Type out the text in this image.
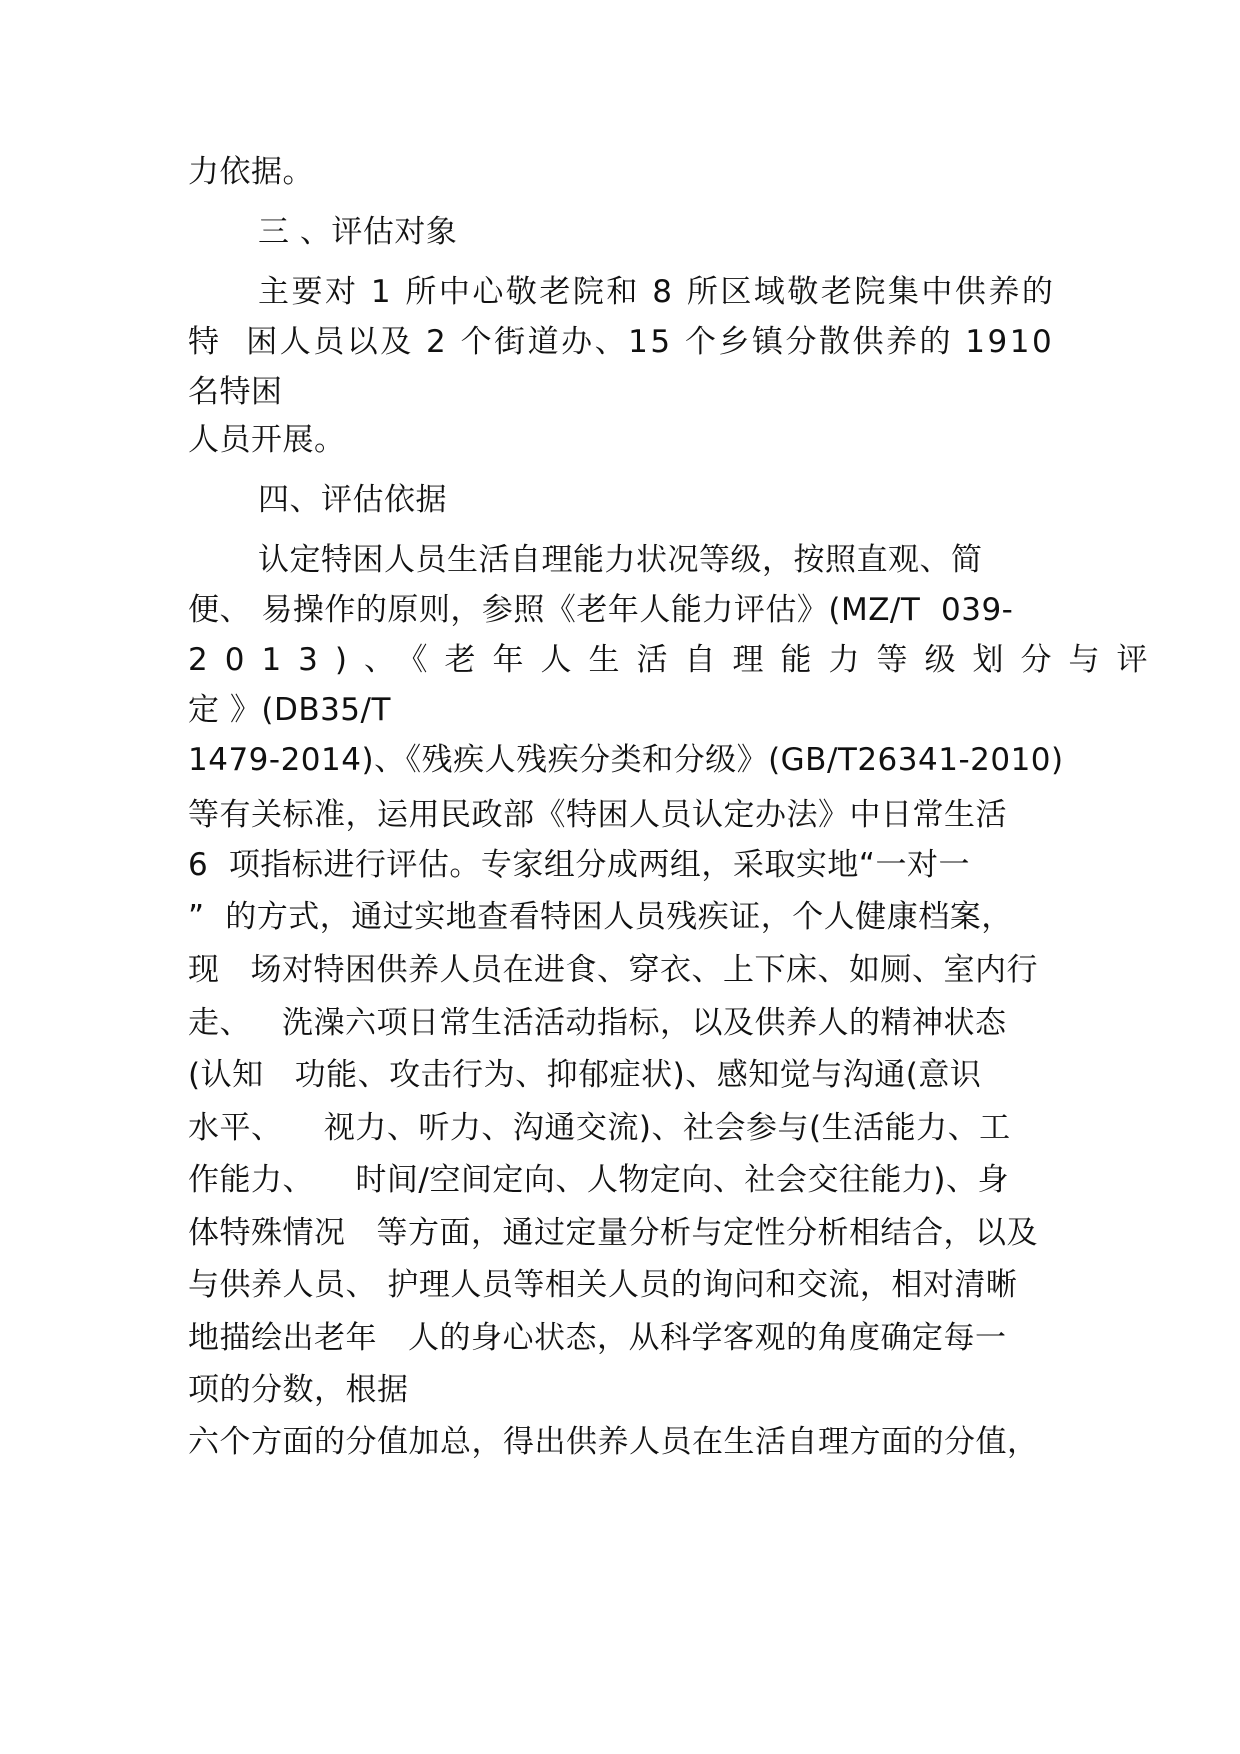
力依据。
三 、评估对象
主要对 1 所中心敬老院和 8 所区域敬老院集中供养的
特  困人员以及 2 个街道办、15 个乡镇分散供养的 1910
名特困
人员开展。
四、评估依据
认定特困人员生活自理能力状况等级，按照直观、简
便、 易操作的原则，参照《老年人能力评估》(MZ/T  039-
2013)、《老年人生活自理能力等级划分与评
定 》(DB35/T
1479-2014)、《残疾人残疾分类和分级》(GB/T26341-2010)
等有关标准，运用民政部《特困人员认定办法》中日常生活
6  项指标进行评估。专家组分成两组，采取实地“一对一
”  的方式，通过实地查看特困人员残疾证，个人健康档案，
现   场对特困供养人员在进食、穿衣、上下床、如厕、室内行
走、   洗澡六项日常生活活动指标，以及供养人的精神状态
(认知   功能、攻击行为、抑郁症状)、感知觉与沟通(意识
水平、    视力、听力、沟通交流)、社会参与(生活能力、工
作能力、    时间/空间定向、人物定向、社会交往能力)、身
体特殊情况   等方面，通过定量分析与定性分析相结合，以及
与供养人员、 护理人员等相关人员的询问和交流，相对清晰
地描绘出老年   人的身心状态，从科学客观的角度确定每一
项的分数，根据
六个方面的分值加总，得出供养人员在生活自理方面的分值，
